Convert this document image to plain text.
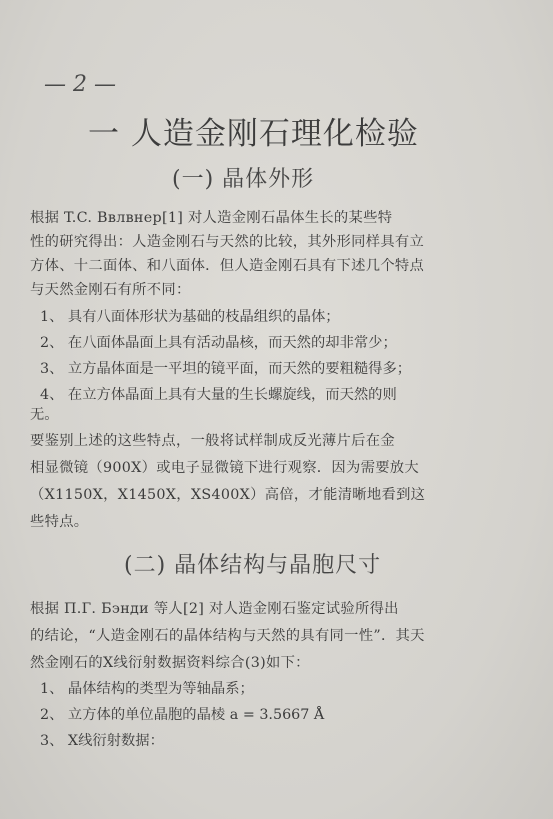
— 2 —
一 人造金刚石理化检验
(一) 晶体外形
根据 T.C. Ввлвнер[1] 对人造金刚石晶体生长的某些特
性的研究得出：人造金刚石与天然的比较，其外形同样具有立
方体、十二面体、和八面体．但人造金刚石具有下述几个特点
与天然金刚石有所不同：
1、 具有八面体形状为基础的枝晶组织的晶体；
2、 在八面体晶面上具有活动晶核，而天然的却非常少；
3、 立方晶体面是一平坦的镜平面，而天然的要粗糙得多；
4、 在立方体晶面上具有大量的生长螺旋线，而天然的则
无。
要鉴别上述的这些特点，一般将试样制成反光薄片后在金
相显微镜（900X）或电子显微镜下进行观察．因为需要放大
（X1150X，X1450X，XS400X）高倍，才能清晰地看到这
些特点。
(二) 晶体结构与晶胞尺寸
根据 П.Г. Бэнди 等人[2] 对人造金刚石鉴定试验所得出
的结论，“人造金刚石的晶体结构与天然的具有同一性”．其天
然金刚石的X线衍射数据资料综合(3)如下：
1、 晶体结构的类型为等轴晶系；
2、 立方体的单位晶胞的晶棱 a = 3.5667 Å
3、 X线衍射数据：
